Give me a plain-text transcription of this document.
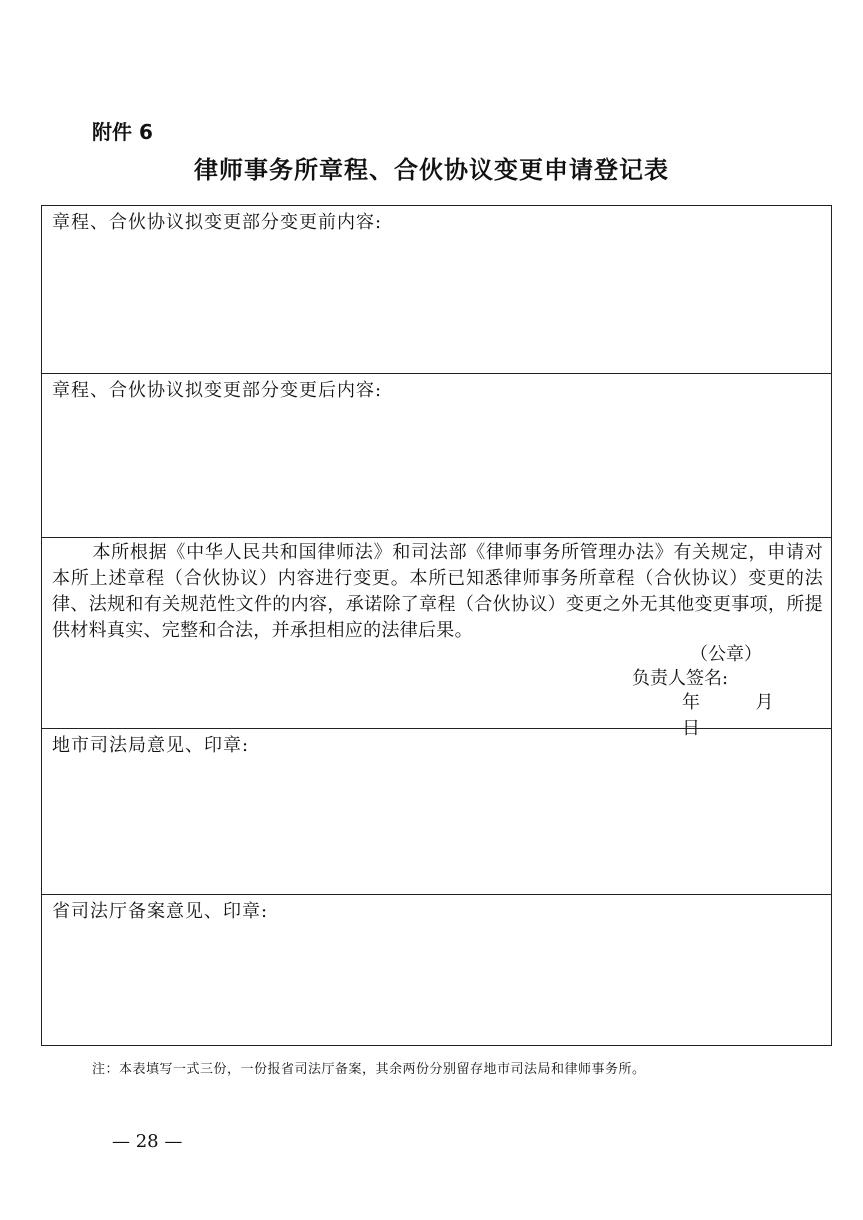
附件 6
律师事务所章程、合伙协议变更申请登记表
章程、合伙协议拟变更部分变更前内容:
章程、合伙协议拟变更部分变更后内容:
本所根据《中华人民共和国律师法》和司法部《律师事务所管理办法》有关规定，申请对本所上述章程（合伙协议）内容进行变更。本所已知悉律师事务所章程（合伙协议）变更的法律、法规和有关规范性文件的内容，承诺除了章程（合伙协议）变更之外无其他变更事项，所提供材料真实、完整和合法，并承担相应的法律后果。
（公章）
负责人签名:
年	月  日
地市司法局意见、印章:
省司法厅备案意见、印章:
注：本表填写一式三份，一份报省司法厅备案，其余两份分别留存地市司法局和律师事务所。
— 28 —
